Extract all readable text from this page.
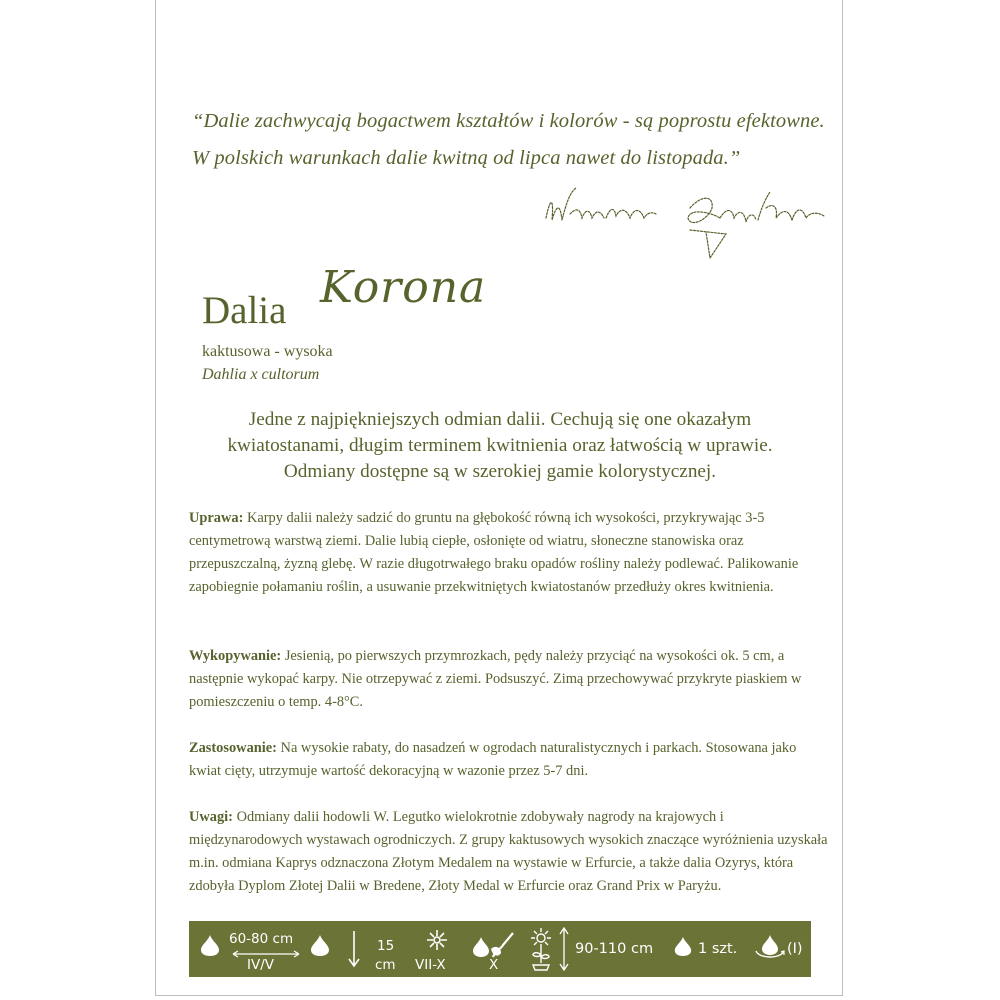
“Dalie zachwycają bogactwem kształtów i kolorów - są poprostu efektowne.
W polskich warunkach dalie kwitną od lipca nawet do listopada.”
Dalia Korona
kaktusowa - wysoka
Dahlia x cultorum
Jedne z najpiękniejszych odmian dalii. Cechują się one okazałym kwiatostanami, długim terminem kwitnienia oraz łatwością w uprawie. Odmiany dostępne są w szerokiej gamie kolorystycznej.
Uprawa: Karpy dalii należy sadzić do gruntu na głębokość równą ich wysokości, przykrywając 3-5 centymetrową warstwą ziemi. Dalie lubią ciepłe, osłonięte od wiatru, słoneczne stanowiska oraz przepuszczalną, żyzną glebę. W razie długotrwałego braku opadów rośliny należy podlewać. Palikowanie zapobiegnie połamaniu roślin, a usuwanie przekwitniętych kwiatostanów przedłuży okres kwitnienia.
Wykopywanie: Jesienią, po pierwszych przymrozkach, pędy należy przyciąć na wysokości ok. 5 cm, a następnie wykopać karpy. Nie otrzepywać z ziemi. Podsuszyć. Zimą przechowywać przykryte piaskiem w pomieszczeniu o temp. 4-8°C.
Zastosowanie: Na wysokie rabaty, do nasadzeń w ogrodach naturalistycznych i parkach. Stosowana jako kwiat cięty, utrzymuje wartość dekoracyjną w wazonie przez 5-7 dni.
Uwagi: Odmiany dalii hodowli W. Legutko wielokrotnie zdobywały nagrody na krajowych i międzynarodowych wystawach ogrodniczych. Z grupy kaktusowych wysokich znaczące wyróżnienia uzyskała m.in. odmiana Kaprys odznaczona Złotym Medalem na wystawie w Erfurcie, a także dalia Ozyrys, która zdobyła Dyplom Złotej Dalii w Bredene, Złoty Medal w Erfurcie oraz Grand Prix w Paryżu.
60-80 cm
IV/V
15
cm VII-X	X
90-110 cm	1 szt.	(I)
